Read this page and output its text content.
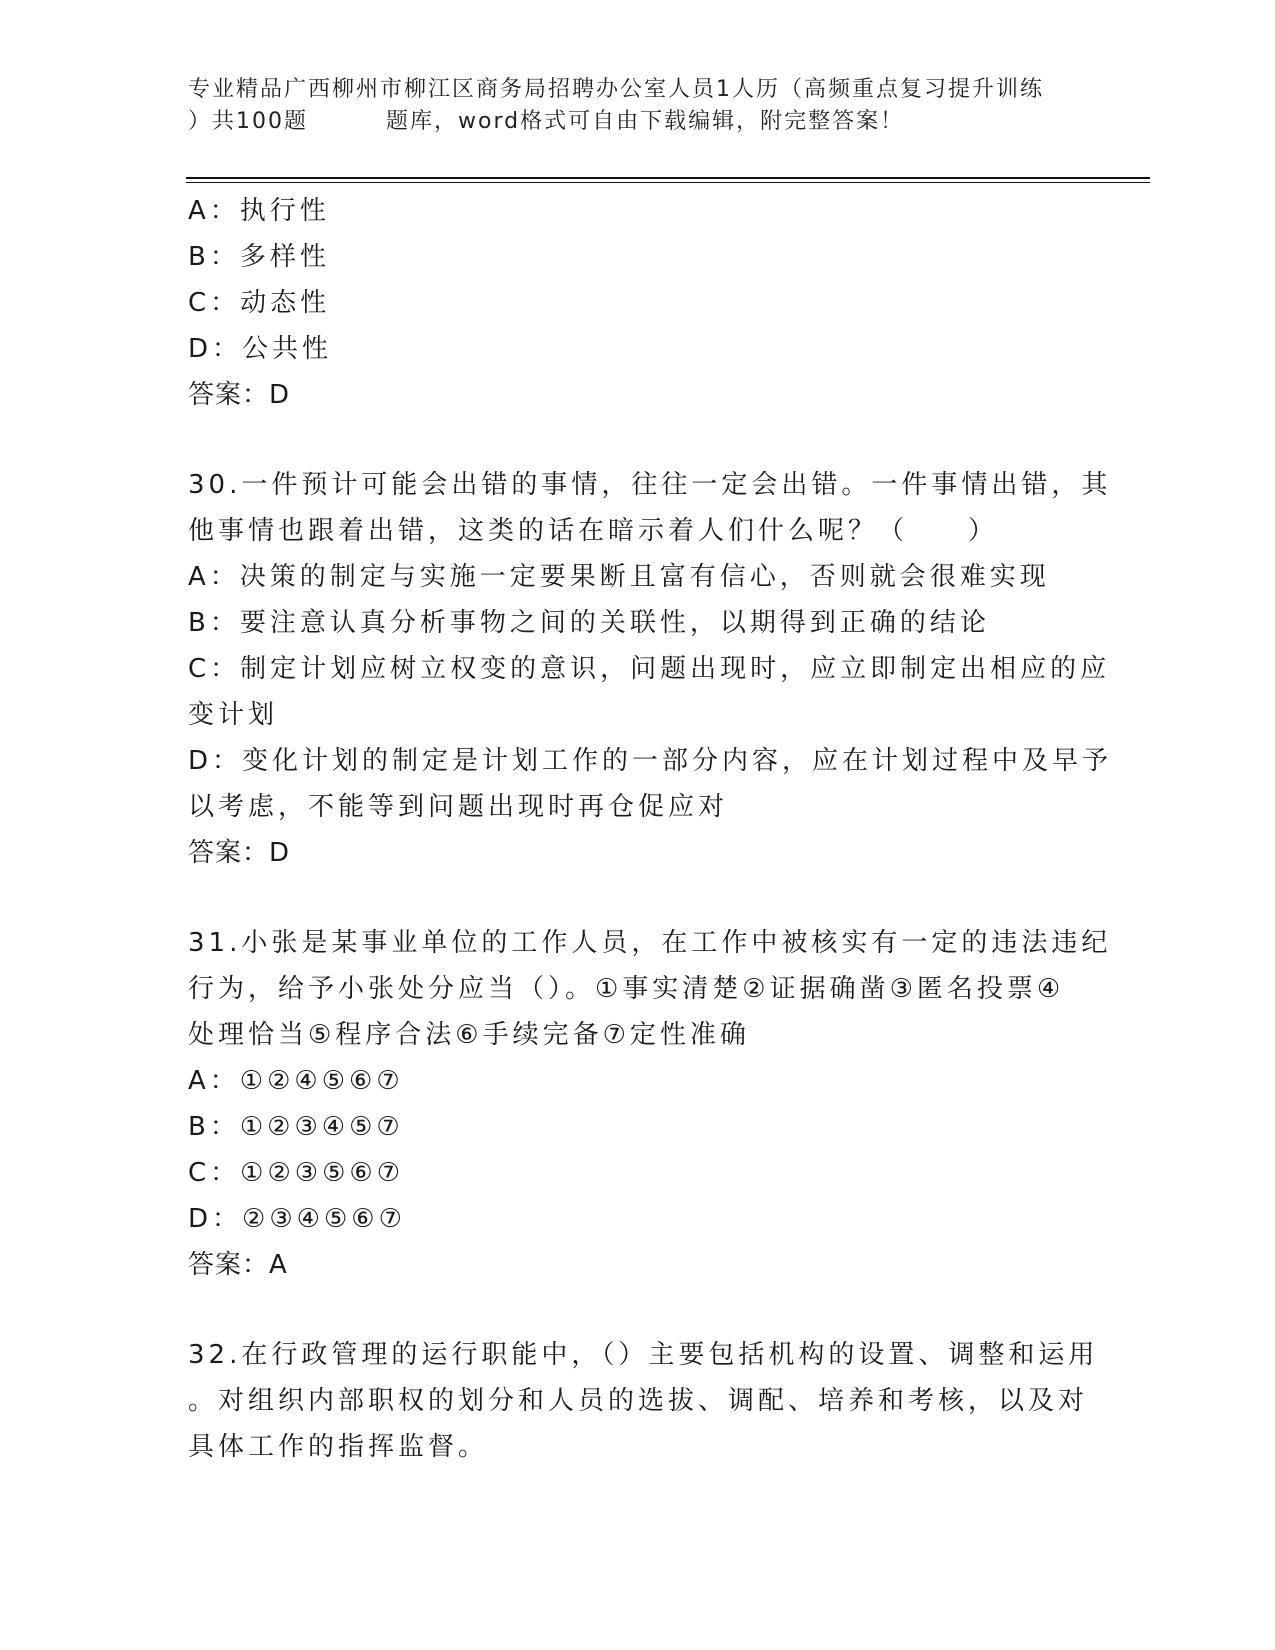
专业精品广西柳州市柳江区商务局招聘办公室人员1人历（高频重点复习提升训练
）共100题	题库，word格式可自由下载编辑，附完整答案！
A：执行性
B：多样性
C：动态性
D：公共性
答案：D
30.一件预计可能会出错的事情，往往一定会出错。一件事情出错，其
他事情也跟着出错，这类的话在暗示着人们什么呢？（　　）
A：决策的制定与实施一定要果断且富有信心，否则就会很难实现
B：要注意认真分析事物之间的关联性，以期得到正确的结论
C：制定计划应树立权变的意识，问题出现时，应立即制定出相应的应
变计划
D：变化计划的制定是计划工作的一部分内容，应在计划过程中及早予
以考虑，不能等到问题出现时再仓促应对
答案：D
31.小张是某事业单位的工作人员，在工作中被核实有一定的违法违纪
行为，给予小张处分应当（）。①事实清楚②证据确凿③匿名投票④
处理恰当⑤程序合法⑥手续完备⑦定性准确
A：①②④⑤⑥⑦
B：①②③④⑤⑦
C：①②③⑤⑥⑦
D：②③④⑤⑥⑦
答案：A
32.在行政管理的运行职能中，（）主要包括机构的设置、调整和运用
。对组织内部职权的划分和人员的选拔、调配、培养和考核，以及对
具体工作的指挥监督。
